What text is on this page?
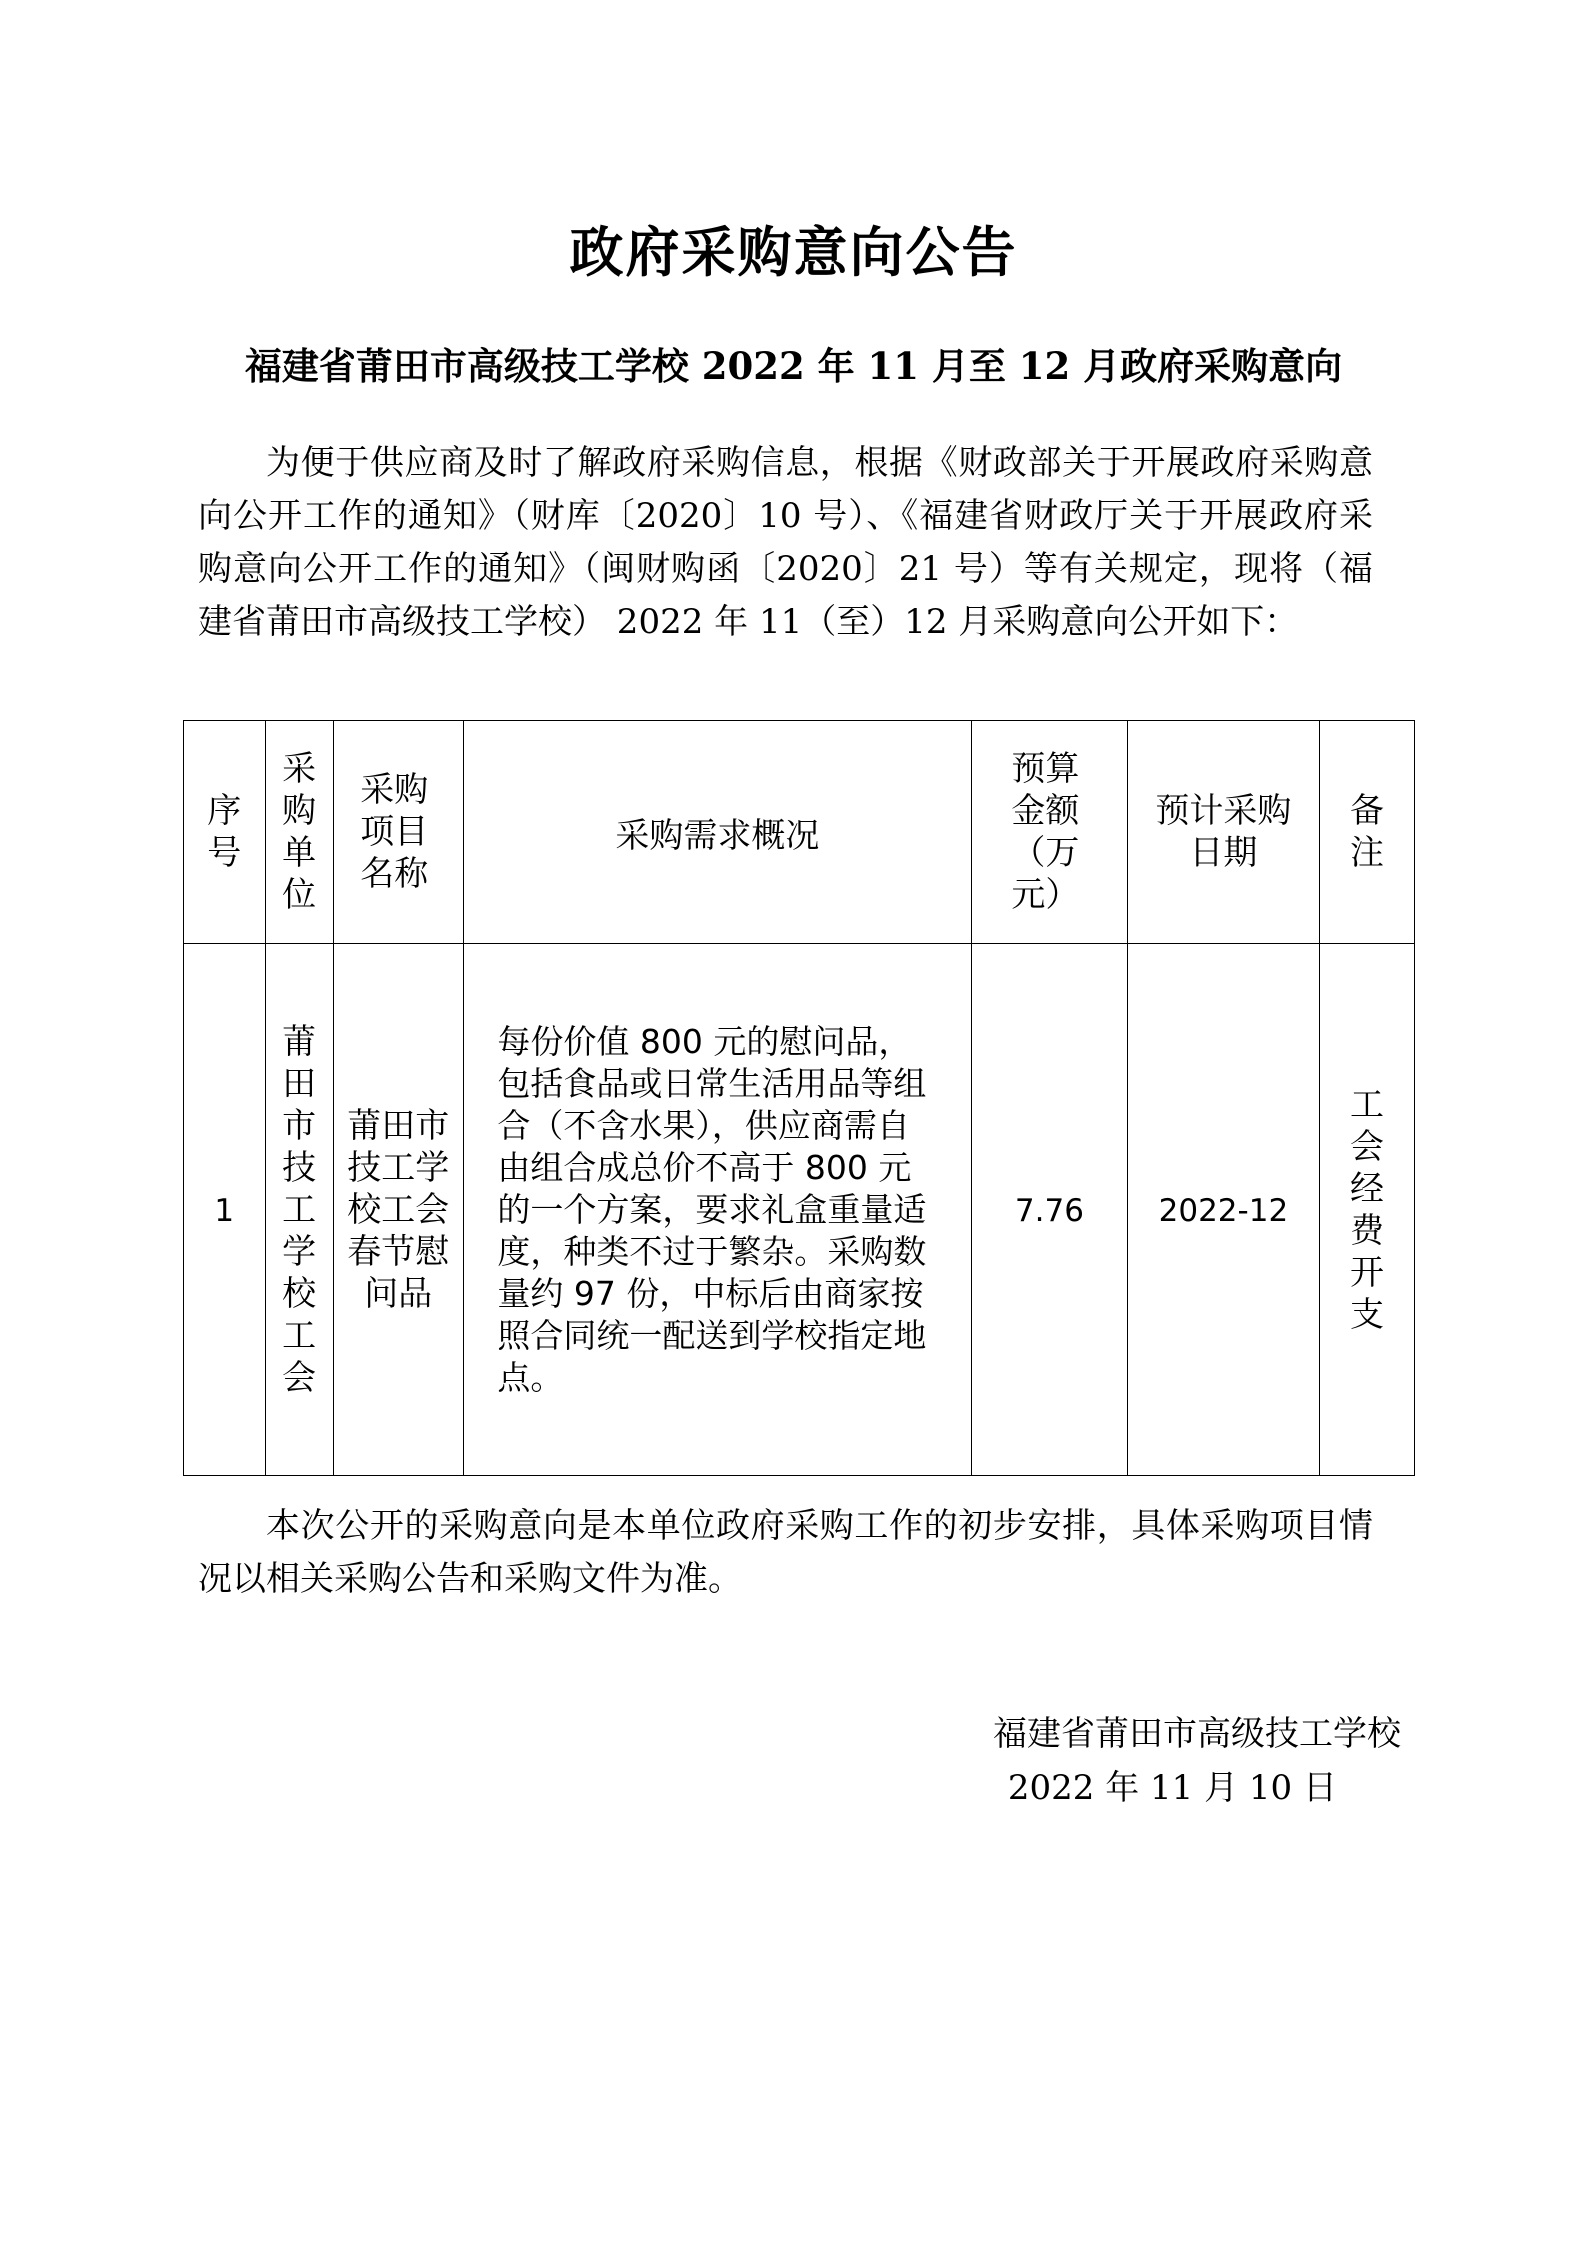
政府采购意向公告
福建省莆田市高级技工学校 2022 年 11 月至 12 月政府采购意向

为便于供应商及时了解政府采购信息，根据《财政部关于开展政府采购意向公开工作的通知》（财库〔2020〕10 号）、《福建省财政厅关于开展政府采购意向公开工作的通知》（闽财购函〔2020〕21 号）等有关规定，现将（福建省莆田市高级技工学校） 2022 年 11（至）12 月采购意向公开如下：

序号	采购单位	采购项目名称	采购需求概况	预算金额（万元）	预计采购日期	备注

1	莆田市技工学校工会	莆田市技工学校工会春节慰问品	每份价值 800 元的慰问品，包括食品或日常生活用品等组合（不含水果），供应商需自由组合成总价不高于 800 元的一个方案，要求礼盒重量适度，种类不过于繁杂。采购数量约 97 份，中标后由商家按照合同统一配送到学校指定地点。	7.76	2022-12	工会经费开支

本次公开的采购意向是本单位政府采购工作的初步安排，具体采购项目情况以相关采购公告和采购文件为准。

福建省莆田市高级技工学校
2022 年 11 月 10 日
